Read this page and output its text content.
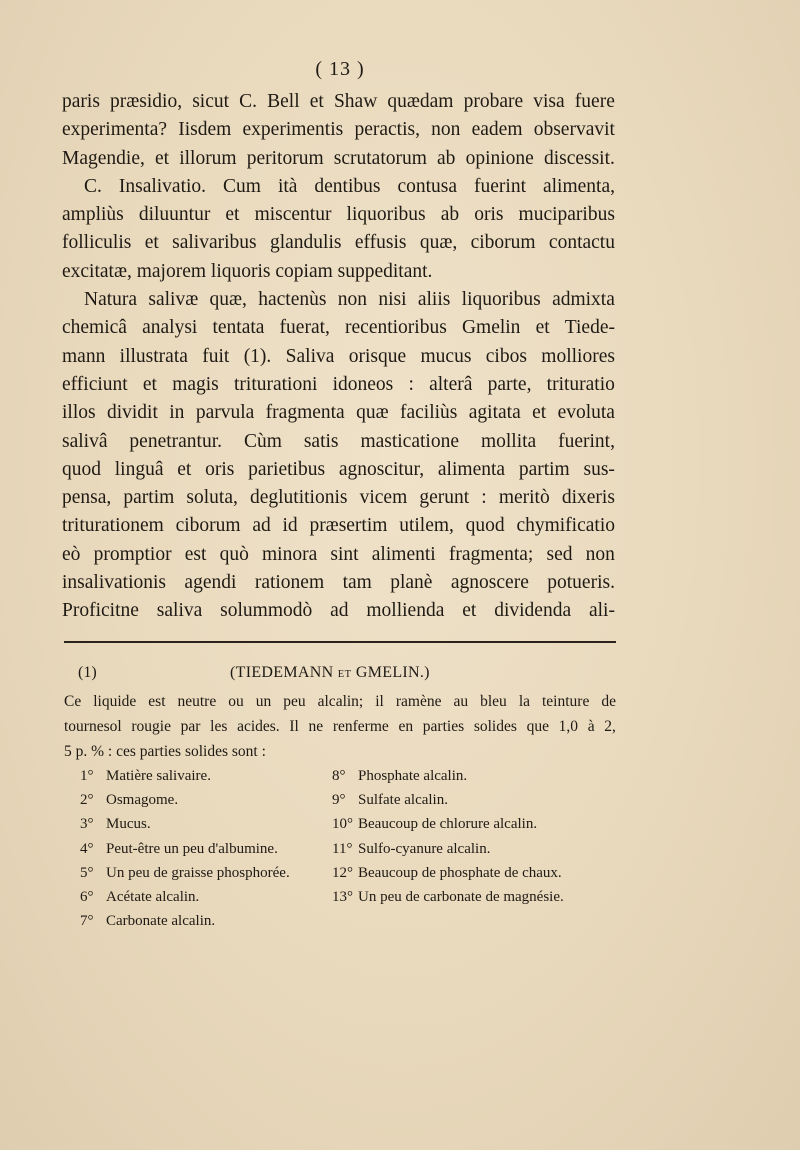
( 13 )
paris præsidio, sicut C. Bell et Shaw quædam probare visa fuere
experimenta? Iisdem experimentis peractis, non eadem observavit
Magendie, et illorum peritorum scrutatorum ab opinione discessit.
C. Insalivatio. Cum ità dentibus contusa fuerint alimenta,
ampliùs diluuntur et miscentur liquoribus ab oris muciparibus
folliculis et salivaribus glandulis effusis quæ, ciborum contactu
excitatæ, majorem liquoris copiam suppeditant.
Natura salivæ quæ, hactenùs non nisi aliis liquoribus admixta
chemicâ analysi tentata fuerat, recentioribus Gmelin et Tiede-
mann illustrata fuit (1). Saliva orisque mucus cibos molliores
efficiunt et magis triturationi idoneos : alterâ parte, trituratio
illos dividit in parvula fragmenta quæ faciliùs agitata et evoluta
salivâ penetrantur. Cùm satis masticatione mollita fuerint,
quod linguâ et oris parietibus agnoscitur, alimenta partim sus-
pensa, partim soluta, deglutitionis vicem gerunt : meritò dixeris
triturationem ciborum ad id præsertim utilem, quod chymificatio
eò promptior est quò minora sint alimenti fragmenta; sed non
insalivationis agendi rationem tam planè agnoscere potueris.
Proficitne saliva solummodò ad mollienda et dividenda ali-
(1)	(TIEDEMANN ET GMELIN.)
Ce liquide est neutre ou un peu alcalin; il ramène au bleu la teinture de
tournesol rougie par les acides. Il ne renferme en parties solides que 1,0 à 2,
5 p. % : ces parties solides sont :
1° Matière salivaire.
2° Osmagome.
3° Mucus.
4° Peut-être un peu d'albumine.
5° Un peu de graisse phosphorée.
6° Acétate alcalin.
7° Carbonate alcalin.
8° Phosphate alcalin.
9° Sulfate alcalin.
10° Beaucoup de chlorure alcalin.
11° Sulfo-cyanure alcalin.
12° Beaucoup de phosphate de chaux.
13° Un peu de carbonate de magnésie.
